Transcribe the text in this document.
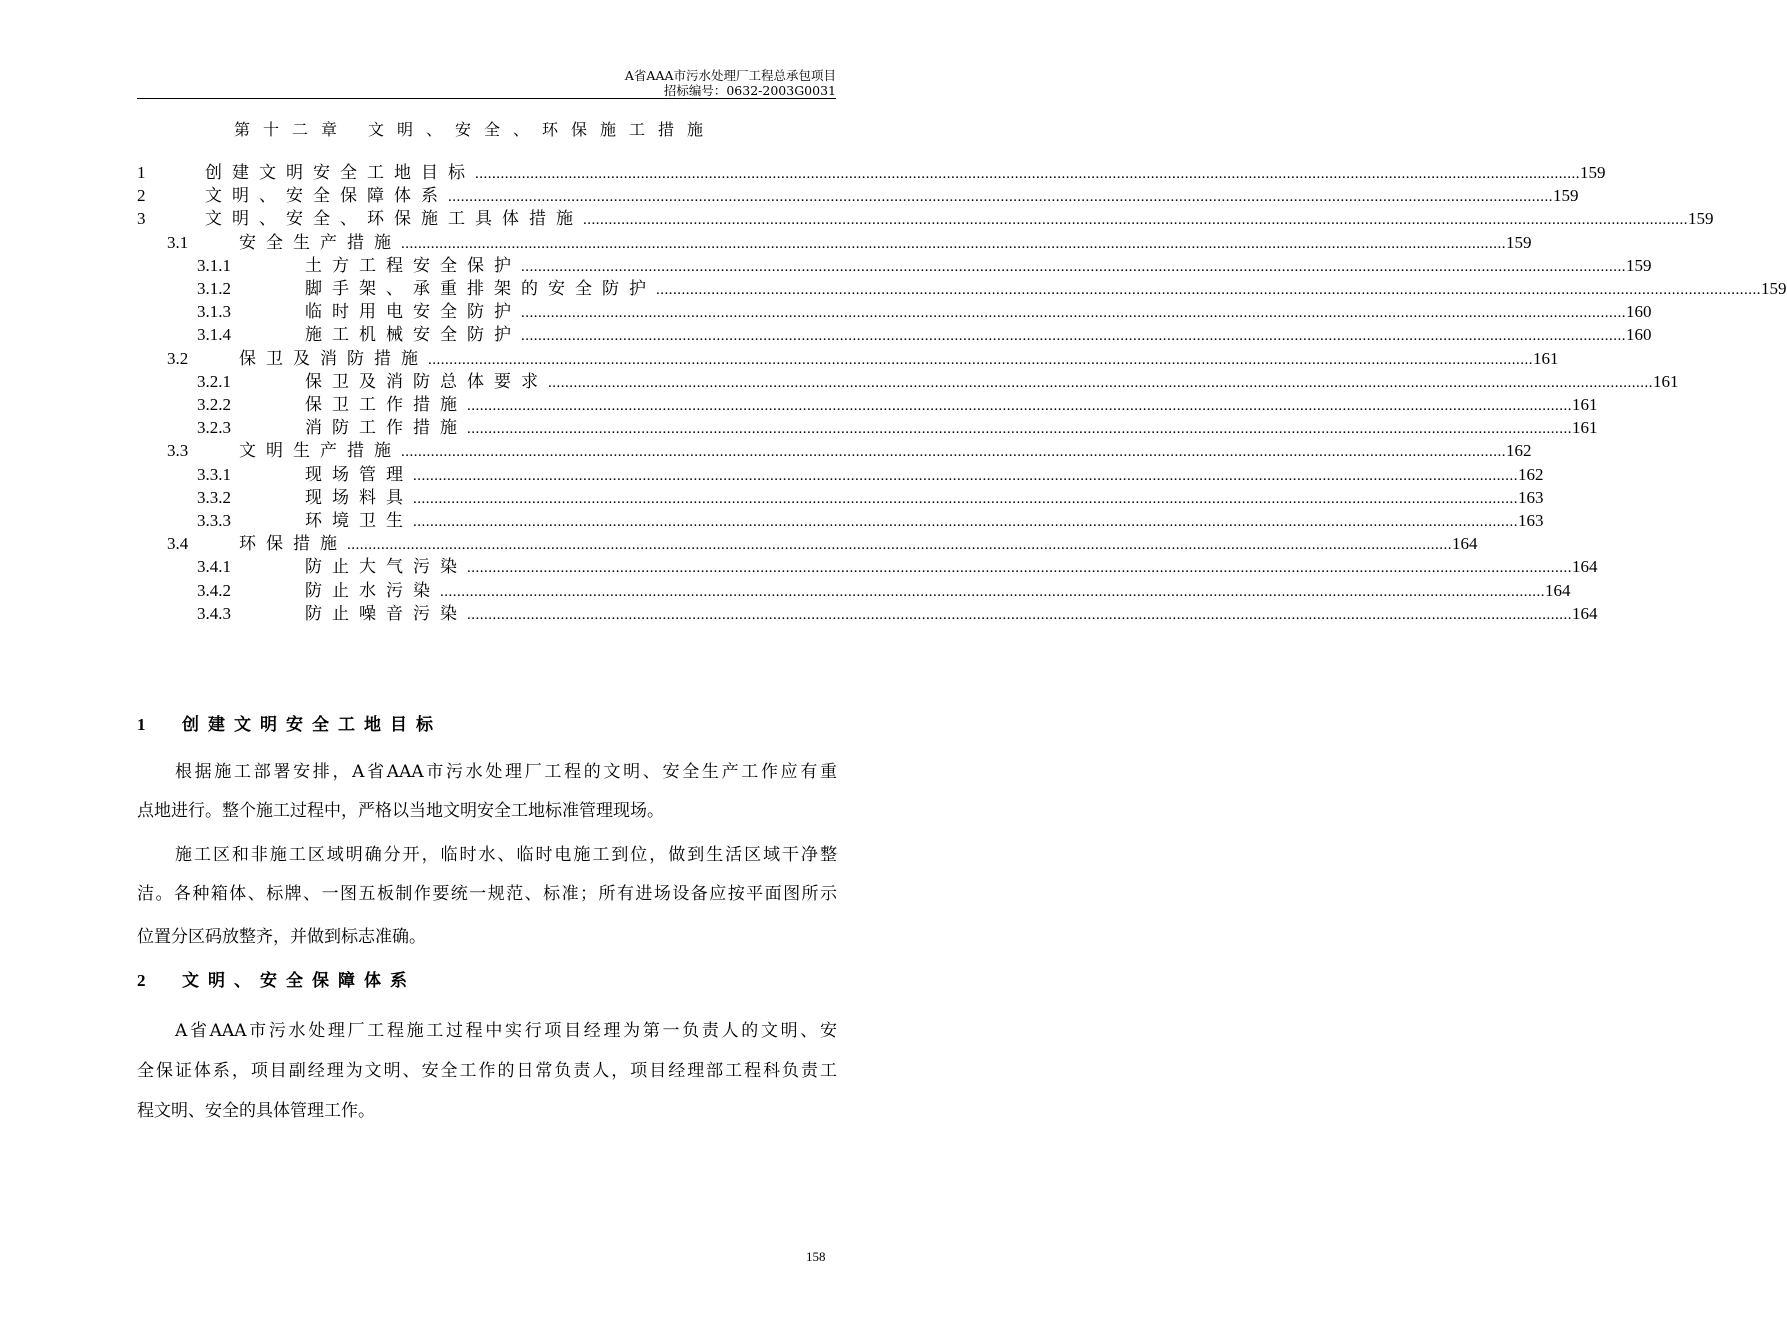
A省AAA市污水处理厂工程总承包项目
招标编号：0632-2003G0031
第十二章 文明、安全、环保施工措施
1	创建文明安全工地目标 .................................................................................................................................................................................................................................................................... 159
2	文明、安全保障体系 .................................................................................................................................................................................................................................................................... 159
3	文明、安全、环保施工具体措施 .................................................................................................................................................................................................................................................................... 159
3.1	安全生产措施 .................................................................................................................................................................................................................................................................... 159
3.1.1	土方工程安全保护 .................................................................................................................................................................................................................................................................... 159
3.1.2	脚手架、承重排架的安全防护 .................................................................................................................................................................................................................................................................... 159
3.1.3	临时用电安全防护 .................................................................................................................................................................................................................................................................... 160
3.1.4	施工机械安全防护 .................................................................................................................................................................................................................................................................... 160
3.2	保卫及消防措施 .................................................................................................................................................................................................................................................................... 161
3.2.1	保卫及消防总体要求 .................................................................................................................................................................................................................................................................... 161
3.2.2	保卫工作措施 .................................................................................................................................................................................................................................................................... 161
3.2.3	消防工作措施 .................................................................................................................................................................................................................................................................... 161
3.3	文明生产措施 .................................................................................................................................................................................................................................................................... 162
3.3.1	现场管理 .................................................................................................................................................................................................................................................................... 162
3.3.2	现场料具 .................................................................................................................................................................................................................................................................... 163
3.3.3	环境卫生 .................................................................................................................................................................................................................................................................... 163
3.4	环保措施 .................................................................................................................................................................................................................................................................... 164
3.4.1	防止大气污染 .................................................................................................................................................................................................................................................................... 164
3.4.2	防止水污染 .................................................................................................................................................................................................................................................................... 164
3.4.3	防止噪音污染 .................................................................................................................................................................................................................................................................... 164
1 创建文明安全工地目标
根据施工部署安排，A省AAA市污水处理厂工程的文明、安全生产工作应有重
点地进行。整个施工过程中，严格以当地文明安全工地标准管理现场。
施工区和非施工区域明确分开，临时水、临时电施工到位，做到生活区域干净整
洁。各种箱体、标牌、一图五板制作要统一规范、标准；所有进场设备应按平面图所示
位置分区码放整齐，并做到标志准确。
2 文明、安全保障体系
A省AAA市污水处理厂工程施工过程中实行项目经理为第一负责人的文明、安
全保证体系，项目副经理为文明、安全工作的日常负责人，项目经理部工程科负责工
程文明、安全的具体管理工作。
158
